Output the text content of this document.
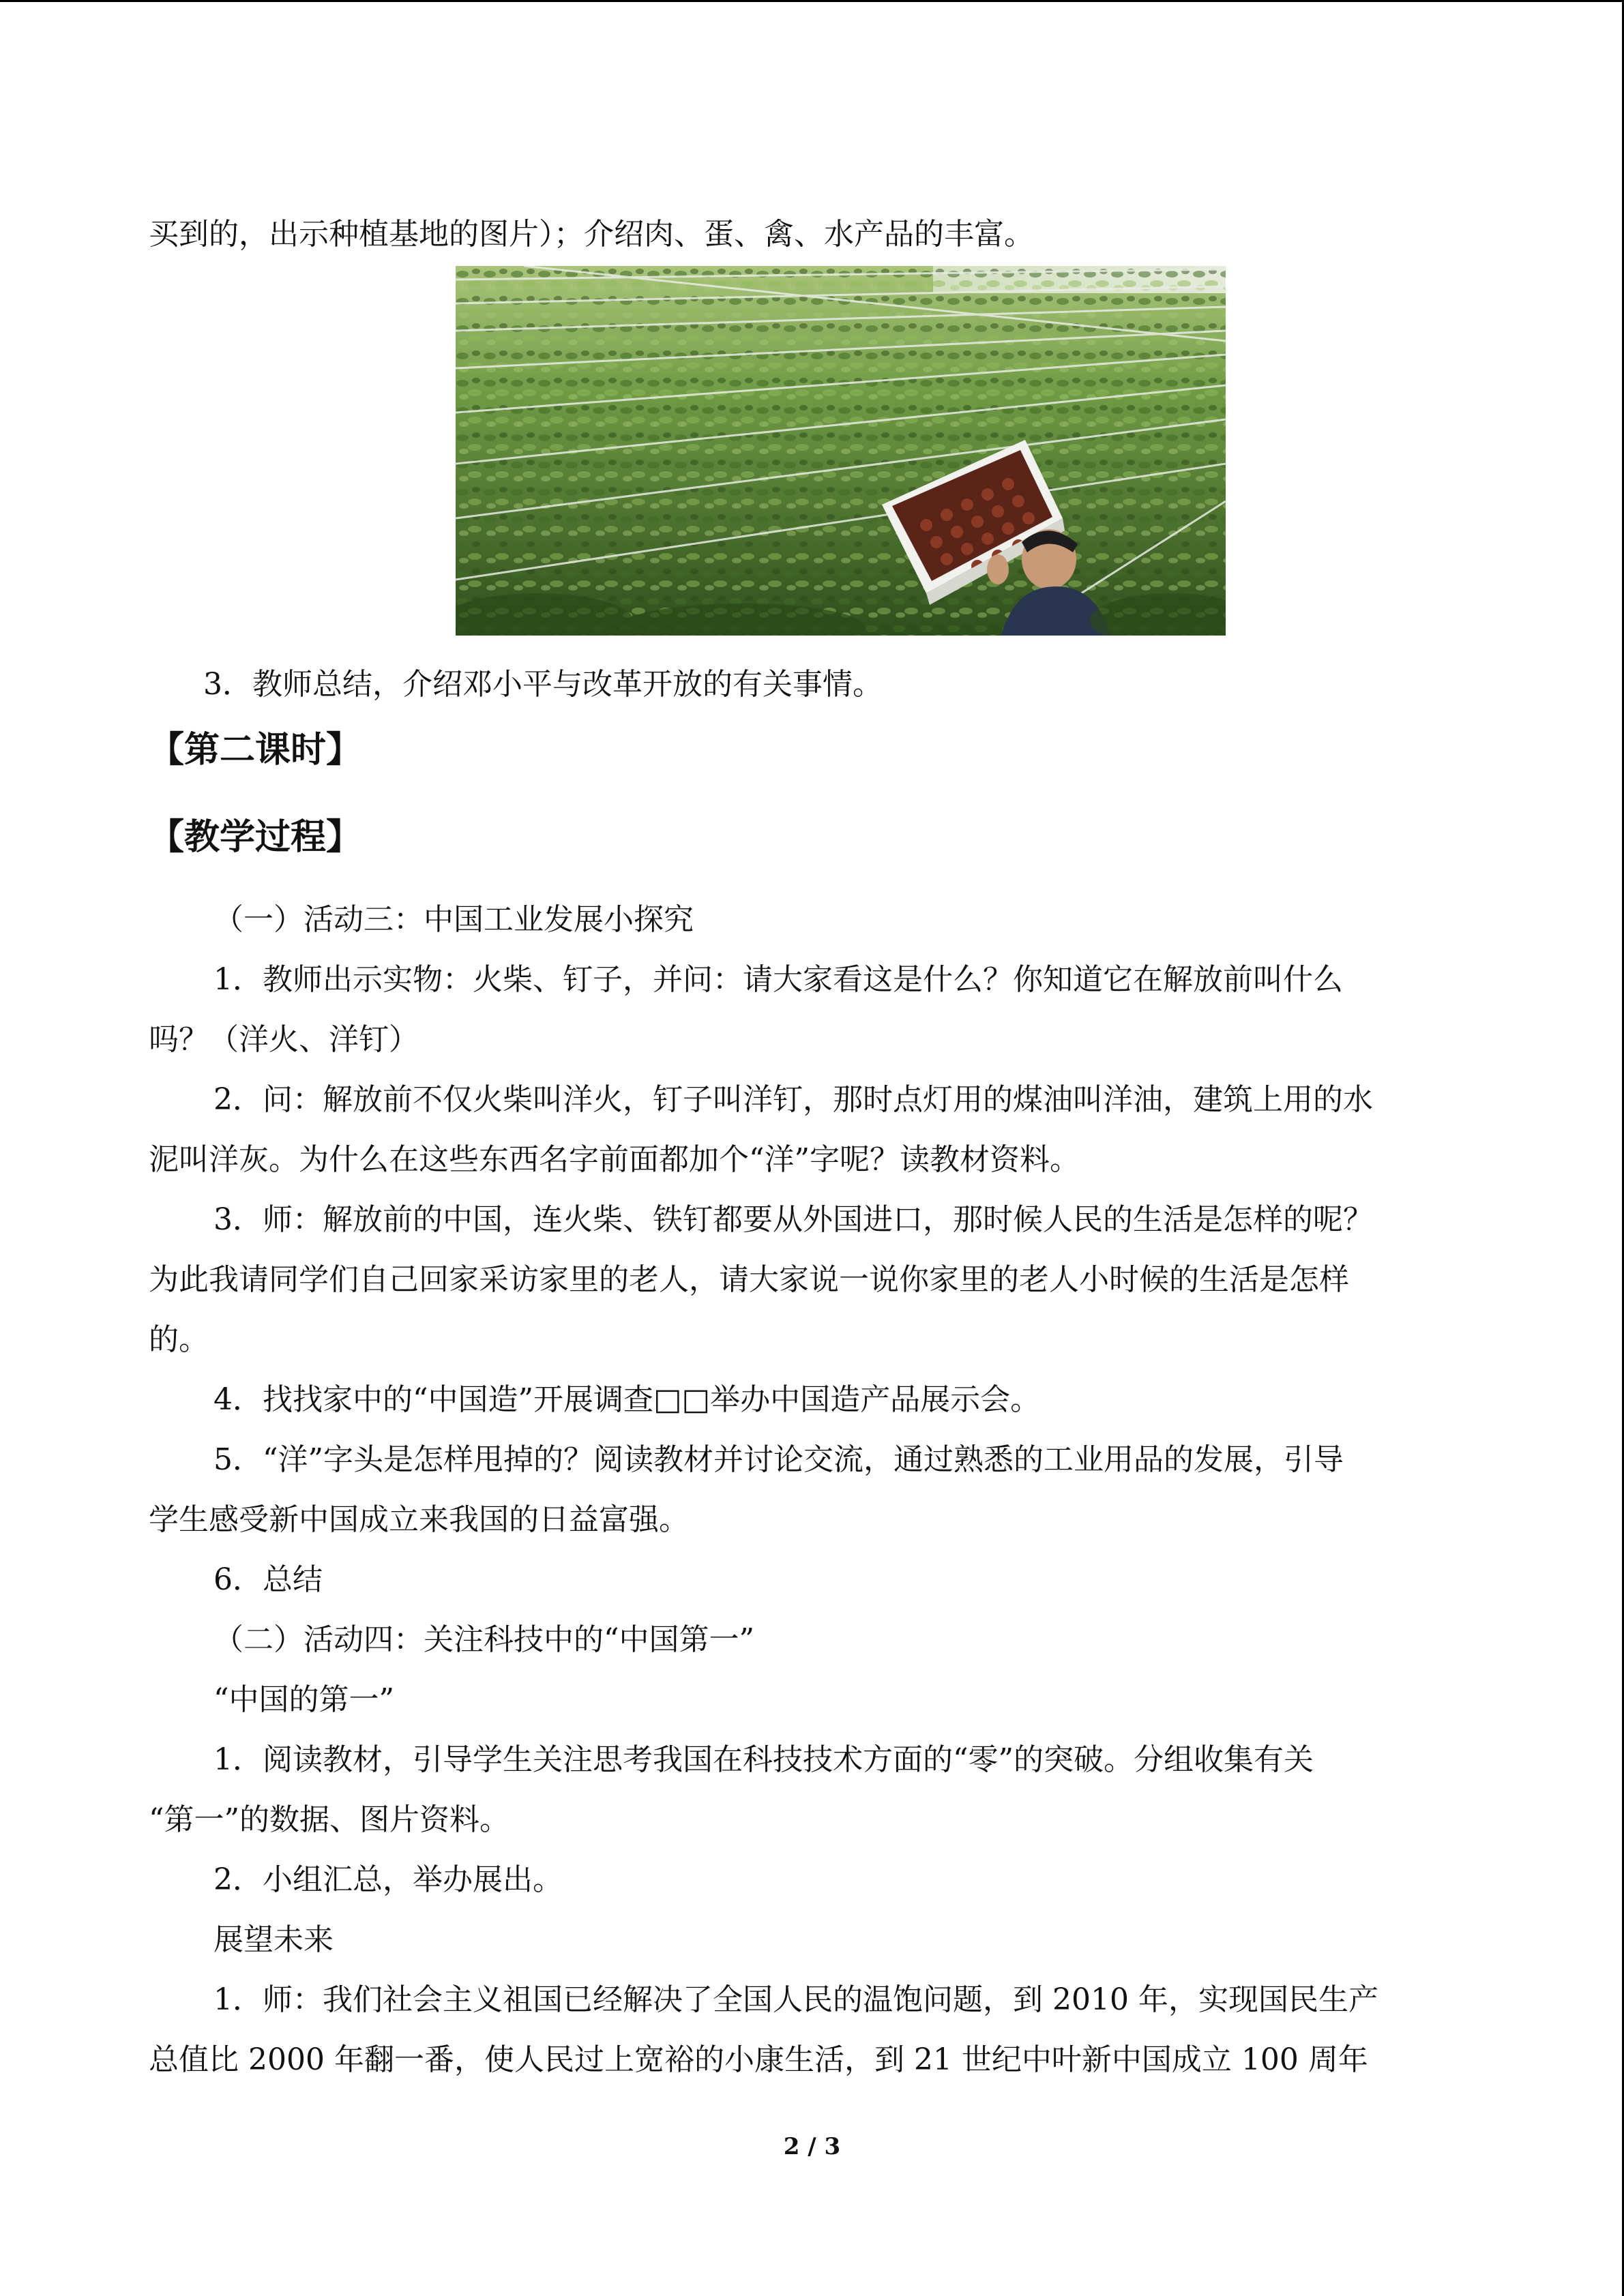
买到的，出示种植基地的图片）；介绍肉、蛋、禽、水产品的丰富。

3．教师总结，介绍邓小平与改革开放的有关事情。

【第二课时】

【教学过程】

（一）活动三：中国工业发展小探究

1．教师出示实物：火柴、钉子，并问：请大家看这是什么？你知道它在解放前叫什么

吗？（洋火、洋钉）

2．问：解放前不仅火柴叫洋火，钉子叫洋钉，那时点灯用的煤油叫洋油，建筑上用的水

泥叫洋灰。为什么在这些东西名字前面都加个“洋”字呢？读教材资料。

3．师：解放前的中国，连火柴、铁钉都要从外国进口，那时候人民的生活是怎样的呢？

为此我请同学们自己回家采访家里的老人，请大家说一说你家里的老人小时候的生活是怎样

的。

4．找找家中的“中国造”开展调查□□举办中国造产品展示会。

5．“洋”字头是怎样甩掉的？阅读教材并讨论交流，通过熟悉的工业用品的发展，引导

学生感受新中国成立来我国的日益富强。

6．总结

（二）活动四：关注科技中的“中国第一”

“中国的第一”

1．阅读教材，引导学生关注思考我国在科技技术方面的“零”的突破。分组收集有关

“第一”的数据、图片资料。

2．小组汇总，举办展出。

展望未来

1．师：我们社会主义祖国已经解决了全国人民的温饱问题，到 2010 年，实现国民生产

总值比 2000 年翻一番，使人民过上宽裕的小康生活，到 21 世纪中叶新中国成立 100 周年

2 / 3
